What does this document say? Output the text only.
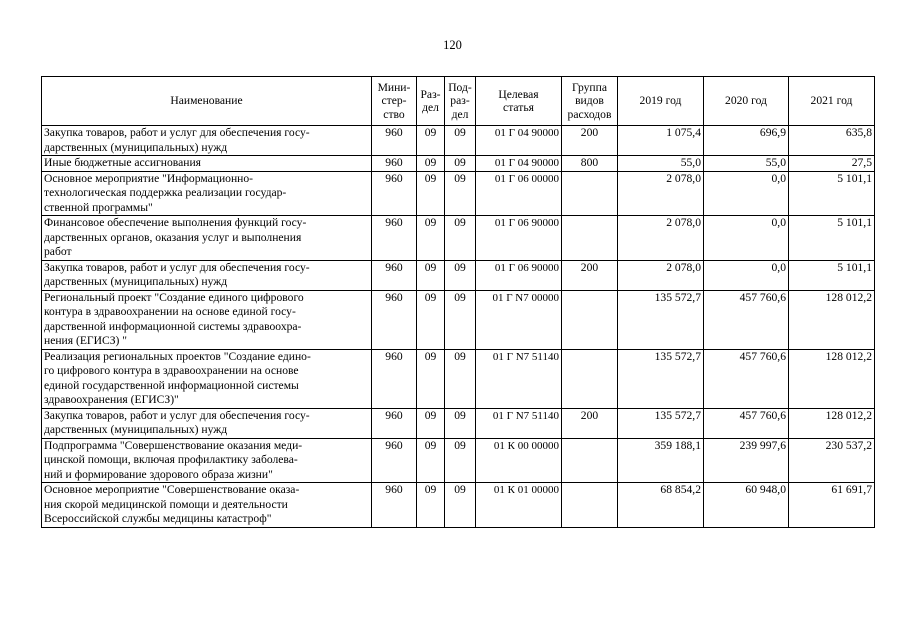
120
Наименование	Мини-
стер-
ство	Раз-
дел	Под-
раз-
дел	Целевая
статья	Группа
видов
расходов	2019 год	2020 год	2021 год
Закупка товаров, работ и услуг для обеспечения госу-
дарственных (муниципальных) нужд	960	09	09	01 Г 04 90000	200	1 075,4	696,9	635,8
Иные бюджетные ассигнования	960	09	09	01 Г 04 90000	800	55,0	55,0	27,5
Основное мероприятие "Информационно-
технологическая поддержка реализации государ-
ственной программы"	960	09	09	01 Г 06 00000		2 078,0	0,0	5 101,1
Финансовое обеспечение выполнения функций госу-
дарственных органов, оказания услуг и выполнения
работ	960	09	09	01 Г 06 90000		2 078,0	0,0	5 101,1
Закупка товаров, работ и услуг для обеспечения госу-
дарственных (муниципальных) нужд	960	09	09	01 Г 06 90000	200	2 078,0	0,0	5 101,1
Региональный проект "Создание единого цифрового
контура в здравоохранении на основе единой госу-
дарственной информационной системы здравоохра-
нения (ЕГИСЗ) "	960	09	09	01 Г N7 00000		135 572,7	457 760,6	128 012,2
Реализация региональных проектов "Создание едино-
го цифрового контура в здравоохранении на основе
единой государственной информационной системы
здравоохранения (ЕГИСЗ)"	960	09	09	01 Г N7 51140		135 572,7	457 760,6	128 012,2
Закупка товаров, работ и услуг для обеспечения госу-
дарственных (муниципальных) нужд	960	09	09	01 Г N7 51140	200	135 572,7	457 760,6	128 012,2
Подпрограмма "Совершенствование оказания меди-
цинской помощи, включая профилактику заболева-
ний и формирование здорового образа жизни"	960	09	09	01 К 00 00000		359 188,1	239 997,6	230 537,2
Основное мероприятие "Совершенствование оказа-
ния скорой медицинской помощи и деятельности
Всероссийской службы медицины катастроф"	960	09	09	01 К 01 00000		68 854,2	60 948,0	61 691,7
